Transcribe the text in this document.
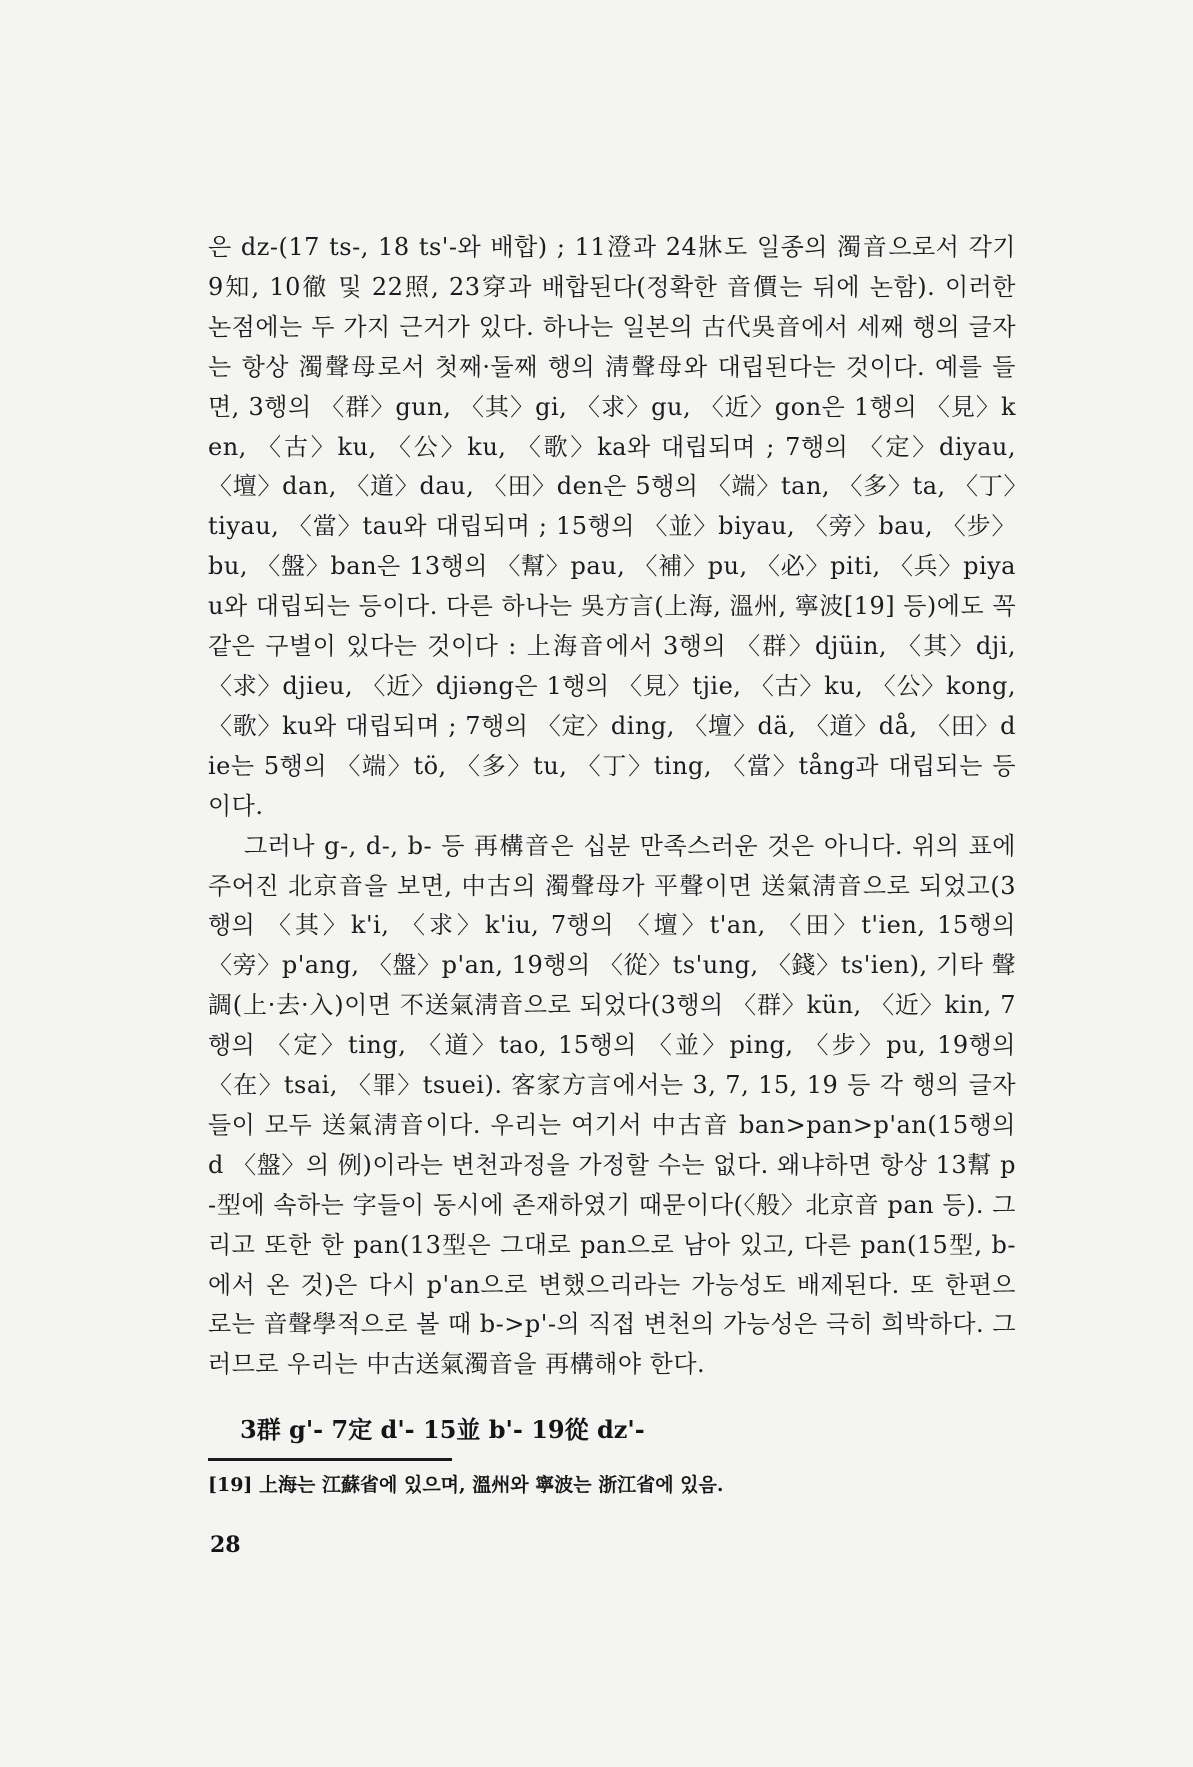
은 dz-(17 ts-, 18 ts'-와 배합) ; 11澄과 24牀도 일종의 濁音으로서 각기 9知, 10徹 및 22照, 23穿과 배합된다(정확한 音價는 뒤에 논함). 이러한 논점에는 두 가지 근거가 있다. 하나는 일본의 古代吳音에서 세째 행의 글자는 항상 濁聲母로서 첫째·둘째 행의 淸聲母와 대립된다는 것이다. 예를 들면, 3행의 〈群〉gun, 〈其〉gi, 〈求〉gu, 〈近〉gon은 1행의 〈見〉ken, 〈古〉ku, 〈公〉ku, 〈歌〉ka와 대립되며 ; 7행의 〈定〉diyau, 〈壇〉dan, 〈道〉dau, 〈田〉den은 5행의 〈端〉tan, 〈多〉ta, 〈丁〉tiyau, 〈當〉tau와 대립되며 ; 15행의 〈並〉biyau, 〈旁〉bau, 〈步〉bu, 〈盤〉ban은 13행의 〈幫〉pau, 〈補〉pu, 〈必〉piti, 〈兵〉piyau와 대립되는 등이다. 다른 하나는 吳方言(上海, 溫州, 寧波[19] 등)에도 꼭 같은 구별이 있다는 것이다 : 上海音에서 3행의 〈群〉djüin, 〈其〉dji, 〈求〉djieu, 〈近〉djiəng은 1행의 〈見〉tjie, 〈古〉ku, 〈公〉kong, 〈歌〉ku와 대립되며 ; 7행의 〈定〉ding, 〈壇〉dä, 〈道〉då, 〈田〉die는 5행의 〈端〉tö, 〈多〉tu, 〈丁〉ting, 〈當〉tång과 대립되는 등이다.

그러나 g-, d-, b- 등 再構音은 십분 만족스러운 것은 아니다. 위의 표에 주어진 北京音을 보면, 中古의 濁聲母가 平聲이면 送氣淸音으로 되었고(3행의 〈其〉k'i, 〈求〉k'iu, 7행의 〈壇〉t'an, 〈田〉t'ien, 15행의 〈旁〉p'ang, 〈盤〉p'an, 19행의 〈從〉ts'ung, 〈錢〉ts'ien), 기타 聲調(上·去·入)이면 不送氣淸音으로 되었다(3행의 〈群〉kün, 〈近〉kin, 7행의 〈定〉ting, 〈道〉tao, 15행의 〈並〉ping, 〈步〉pu, 19행의 〈在〉tsai, 〈罪〉tsuei). 客家方言에서는 3, 7, 15, 19 등 각 행의 글자들이 모두 送氣淸音이다. 우리는 여기서 中古音 ban>pan>p'an(15행의 d 〈盤〉의 例)이라는 변천과정을 가정할 수는 없다. 왜냐하면 항상 13幫 p-型에 속하는 字들이 동시에 존재하였기 때문이다(〈般〉北京音 pan 등). 그리고 또한 한 pan(13型은 그대로 pan으로 남아 있고, 다른 pan(15型, b-에서 온 것)은 다시 p'an으로 변했으리라는 가능성도 배제된다. 또 한편으로는 音聲學적으로 볼 때 b->p'-의 직접 변천의 가능성은 극히 희박하다. 그러므로 우리는 中古送氣濁音을 再構해야 한다.

3群 g'- 7定 d'- 15並 b'- 19從 dz'-
[19] 上海는 江蘇省에 있으며, 溫州와 寧波는 浙江省에 있음.
28
